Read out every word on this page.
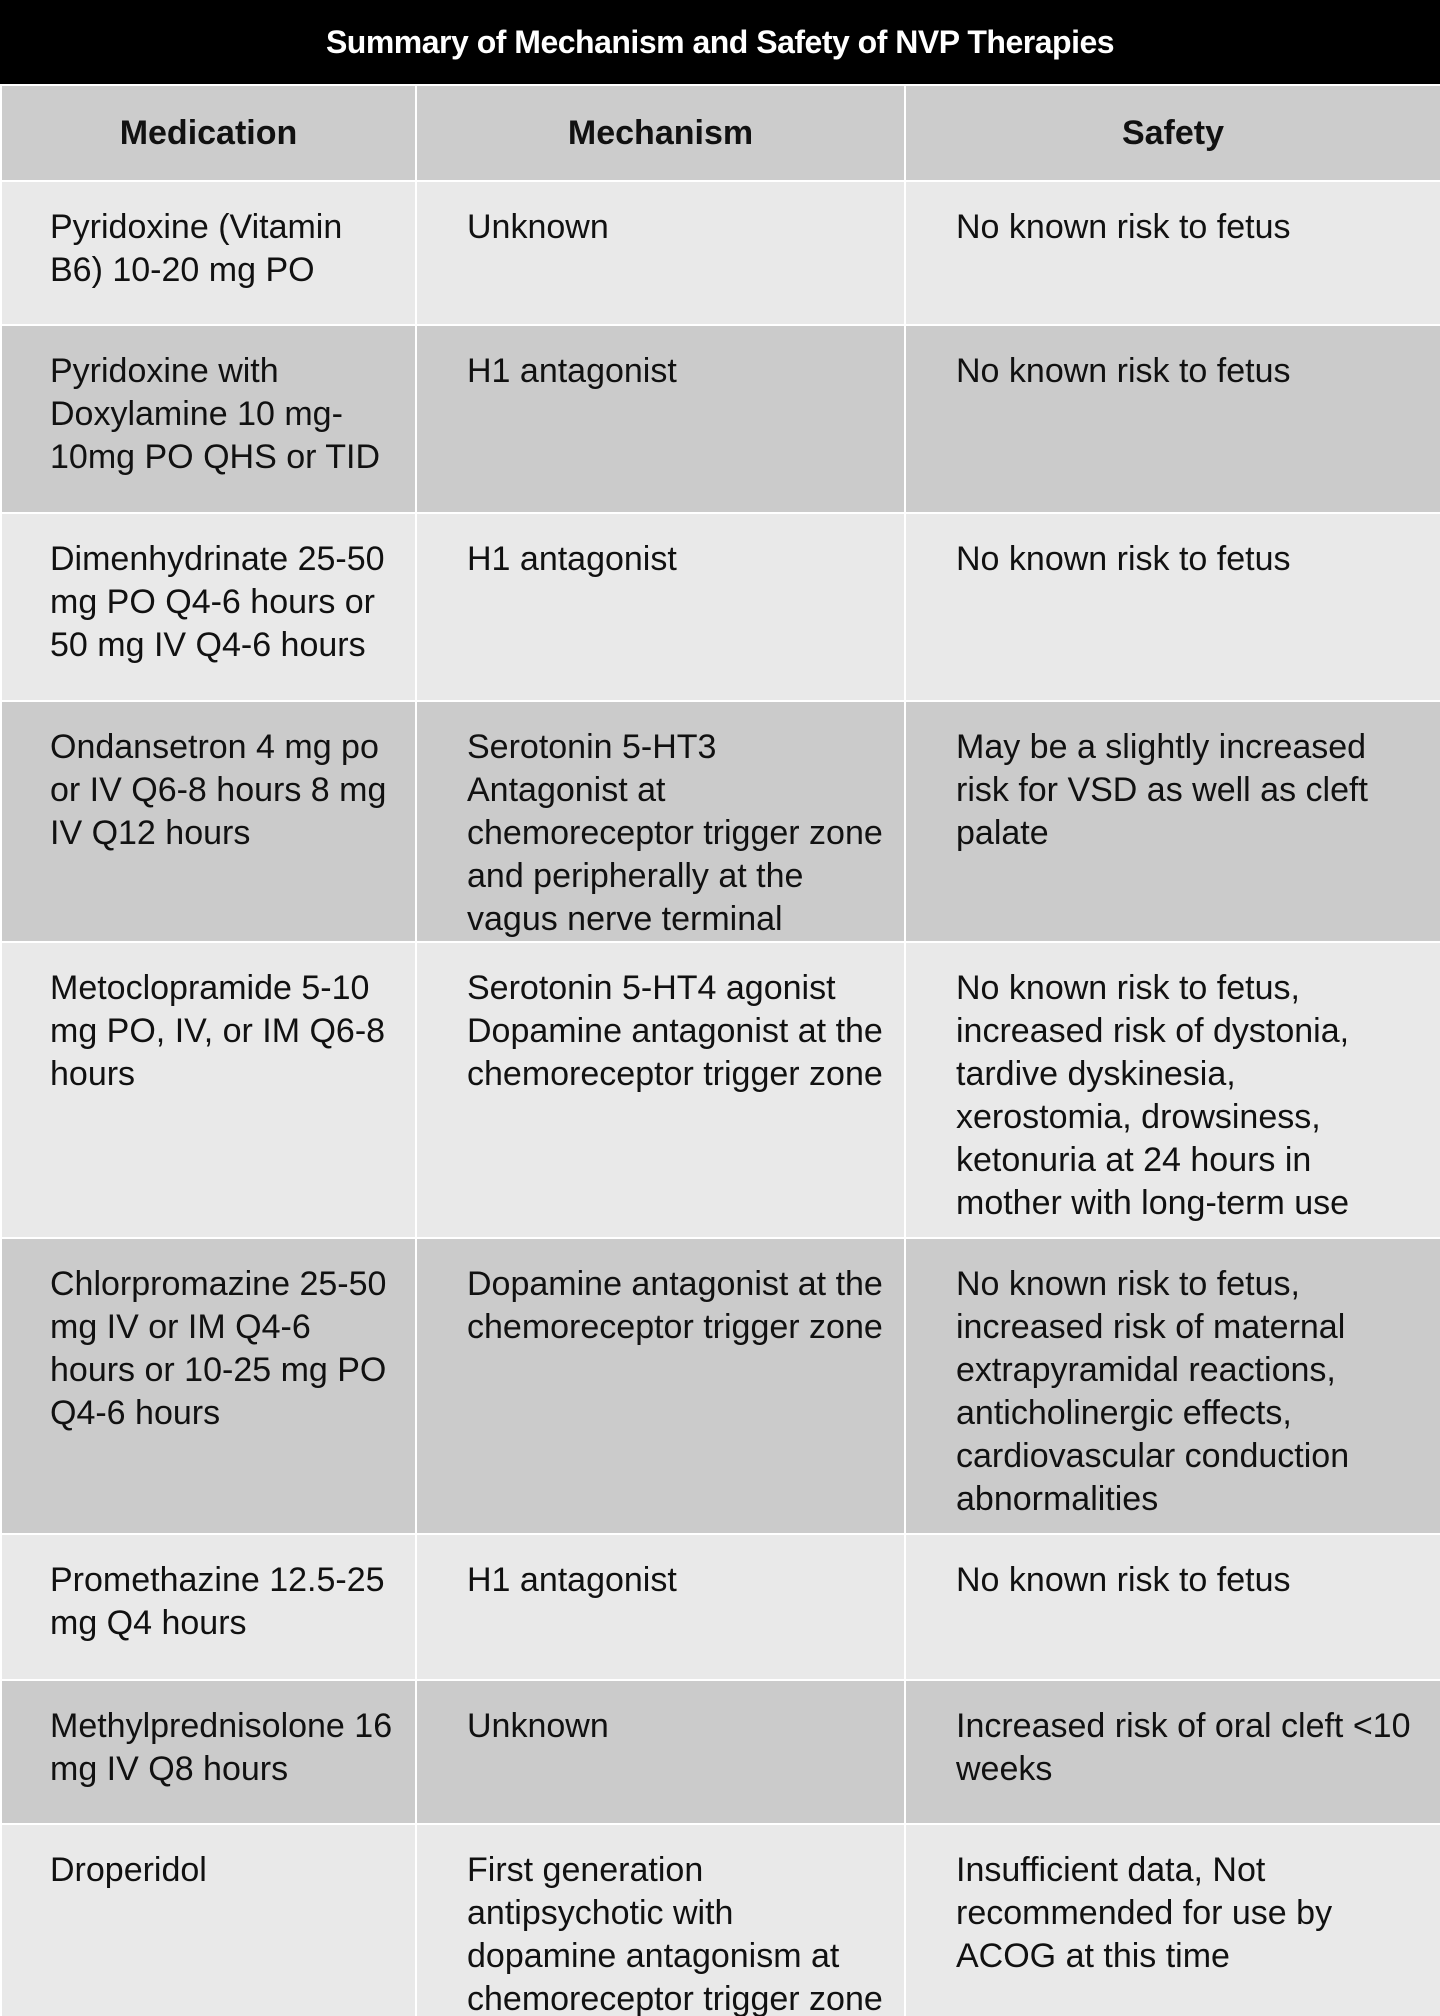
Summary of Mechanism and Safety of NVP Therapies
Medication	Mechanism	Safety
Pyridoxine (Vitamin B6) 10-20 mg PO	Unknown	No known risk to fetus
Pyridoxine with Doxylamine 10 mg-10mg PO QHS or TID	H1 antagonist	No known risk to fetus
Dimenhydrinate 25-50 mg PO Q4-6 hours or 50 mg IV Q4-6 hours	H1 antagonist	No known risk to fetus
Ondansetron 4 mg po or IV Q6-8 hours 8 mg IV Q12 hours	Serotonin 5-HT3 Antagonist at chemoreceptor trigger zone and peripherally at the vagus nerve terminal	May be a slightly increased risk for VSD as well as cleft palate
Metoclopramide 5-10 mg PO, IV, or IM Q6-8 hours	Serotonin 5-HT4 agonist Dopamine antagonist at the chemoreceptor trigger zone	No known risk to fetus, increased risk of dystonia, tardive dyskinesia, xerostomia, drowsiness, ketonuria at 24 hours in mother with long-term use
Chlorpromazine 25-50 mg IV or IM Q4-6 hours or 10-25 mg PO Q4-6 hours	Dopamine antagonist at the chemoreceptor trigger zone	No known risk to fetus, increased risk of maternal extrapyramidal reactions, anticholinergic effects, cardiovascular conduction abnormalities
Promethazine 12.5-25 mg Q4 hours	H1 antagonist	No known risk to fetus
Methylprednisolone 16 mg IV Q8 hours	Unknown	Increased risk of oral cleft <10 weeks
Droperidol	First generation antipsychotic with dopamine antagonism at chemoreceptor trigger zone	Insufficient data, Not recommended for use by ACOG at this time
